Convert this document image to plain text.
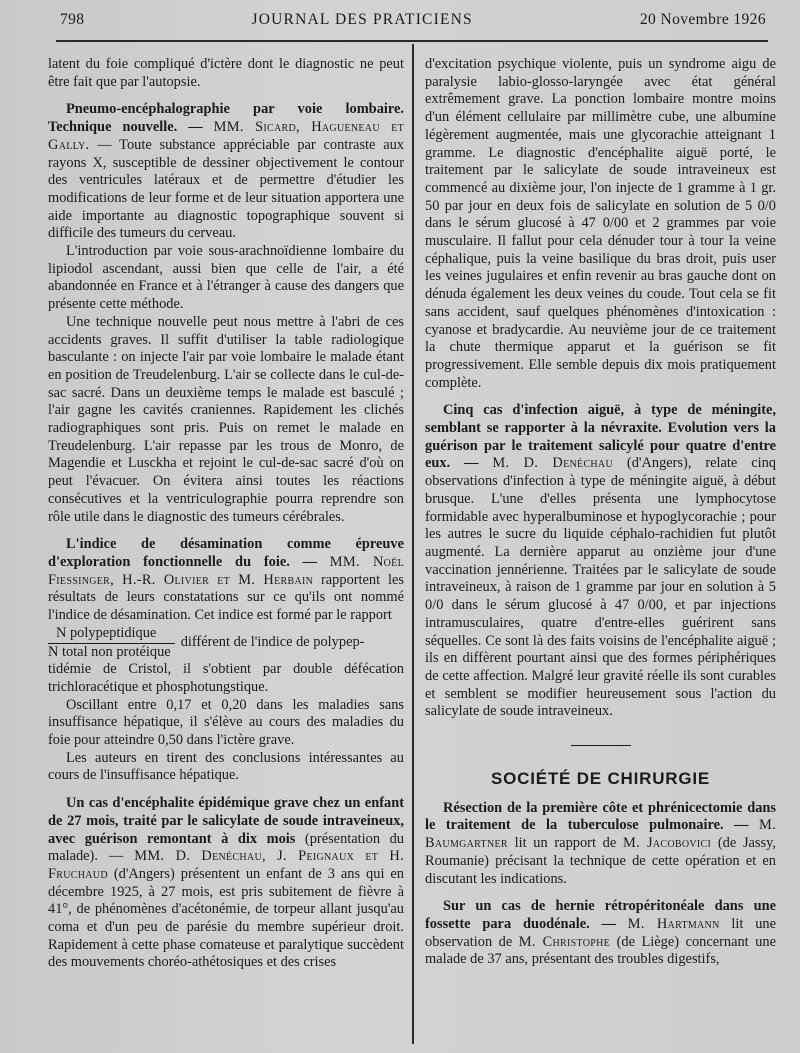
798	JOURNAL DES PRATICIENS	20 Novembre 1926

latent du foie compliqué d'ictère dont le diagnostic ne peut être fait que par l'autopsie.

Pneumo-encéphalographie par voie lombaire. Technique nouvelle. — MM. Sicard, Hagueneau et Gally. — Toute substance appréciable par contraste aux rayons X, susceptible de dessiner objectivement le contour des ventricules latéraux et de permettre d'étudier les modifications de leur forme et de leur situation apportera une aide importante au diagnostic topographique souvent si difficile des tumeurs du cerveau.

L'introduction par voie sous-arachnoïdienne lombaire du lipiodol ascendant, aussi bien que celle de l'air, a été abandonnée en France et à l'étranger à cause des dangers que présente cette méthode.

Une technique nouvelle peut nous mettre à l'abri de ces accidents graves. Il suffit d'utiliser la table radiologique basculante : on injecte l'air par voie lombaire le malade étant en position de Treudelenburg. L'air se collecte dans le cul-de-sac sacré. Dans un deuxième temps le malade est basculé ; l'air gagne les cavités craniennes. Rapidement les clichés radiographiques sont pris. Puis on remet le malade en Treudelenburg. L'air repasse par les trous de Monro, de Magendie et Lusckha et rejoint le cul-de-sac sacré d'où on peut l'évacuer. On évitera ainsi toutes les réactions consécutives et la ventriculographie pourra reprendre son rôle utile dans le diagnostic des tumeurs cérébrales.

L'indice de désamination comme épreuve d'exploration fonctionnelle du foie. — MM. Noël Fiessinger, H.-R. Olivier et M. Herbain rapportent les résultats de leurs constatations sur ce qu'ils ont nommé l'indice de désamination. Cet indice est formé par le rapport

$\frac{\text{N polypeptidique}}{\text{N total non protéique}}$ différent de l'indice de polypep-

tidémie de Cristol, il s'obtient par double défécation trichloracétique et phosphotungstique.

Oscillant entre 0,17 et 0,20 dans les maladies sans insuffisance hépatique, il s'élève au cours des maladies du foie pour atteindre 0,50 dans l'ictère grave.

Les auteurs en tirent des conclusions intéressantes au cours de l'insuffisance hépatique.

Un cas d'encéphalite épidémique grave chez un enfant de 27 mois, traité par le salicylate de soude intraveineux, avec guérison remontant à dix mois (présentation du malade). — MM. D. Denéchau, J. Peignaux et H. Fruchaud (d'Angers) présentent un enfant de 3 ans qui en décembre 1925, à 27 mois, est pris subitement de fièvre à 41°, de phénomènes d'acétonémie, de torpeur allant jusqu'au coma et d'un peu de parésie du membre supérieur droit. Rapidement à cette phase comateuse et paralytique succèdent des mouvements choréo-athétosiques et des crises

d'excitation psychique violente, puis un syndrome aigu de paralysie labio-glosso-laryngée avec état général extrêmement grave. La ponction lombaire montre moins d'un élément cellulaire par millimètre cube, une albumine légèrement augmentée, mais une glycorachie atteignant 1 gramme. Le diagnostic d'encéphalite aiguë porté, le traitement par le salicylate de soude intraveineux est commencé au dixième jour, l'on injecte de 1 gramme à 1 gr. 50 par jour en deux fois de salicylate en solution de 5 0/0 dans le sérum glucosé à 47 0/00 et 2 grammes par voie musculaire. Il fallut pour cela dénuder tour à tour la veine céphalique, puis la veine basilique du bras droit, puis user les veines jugulaires et enfin revenir au bras gauche dont on dénuda également les deux veines du coude. Tout cela se fit sans accident, sauf quelques phénomènes d'intoxication : cyanose et bradycardie. Au neuvième jour de ce traitement la chute thermique apparut et la guérison se fit progressivement. Elle semble depuis dix mois pratiquement complète.

Cinq cas d'infection aiguë, à type de méningite, semblant se rapporter à la névraxite. Evolution vers la guérison par le traitement salicylé pour quatre d'entre eux. — M. D. Denéchau (d'Angers), relate cinq observations d'infection à type de méningite aiguë, à début brusque. L'une d'elles présenta une lymphocytose formidable avec hyperalbuminose et hypoglycorachie ; pour les autres le sucre du liquide céphalo-rachidien fut plutôt augmenté. La dernière apparut au onzième jour d'une vaccination jennérienne. Traitées par le salicylate de soude intraveineux, à raison de 1 gramme par jour en solution à 5 0/0 dans le sérum glucosé à 47 0/00, et par injections intramusculaires, quatre d'entre-elles guérirent sans séquelles. Ce sont là des faits voisins de l'encéphalite aiguë ; ils en diffèrent pourtant ainsi que des formes périphériques de cette affection. Malgré leur gravité réelle ils sont curables et semblent se modifier heureusement sous l'action du salicylate de soude intraveineux.

SOCIÉTÉ DE CHIRURGIE

Résection de la première côte et phrénicectomie dans le traitement de la tuberculose pulmonaire. — M. Baumgartner lit un rapport de M. Jacobovici (de Jassy, Roumanie) précisant la technique de cette opération et en discutant les indications.

Sur un cas de hernie rétropéritonéale dans une fossette para duodénale. — M. Hartmann lit une observation de M. Christophe (de Liège) concernant une malade de 37 ans, présentant des troubles digestifs,
